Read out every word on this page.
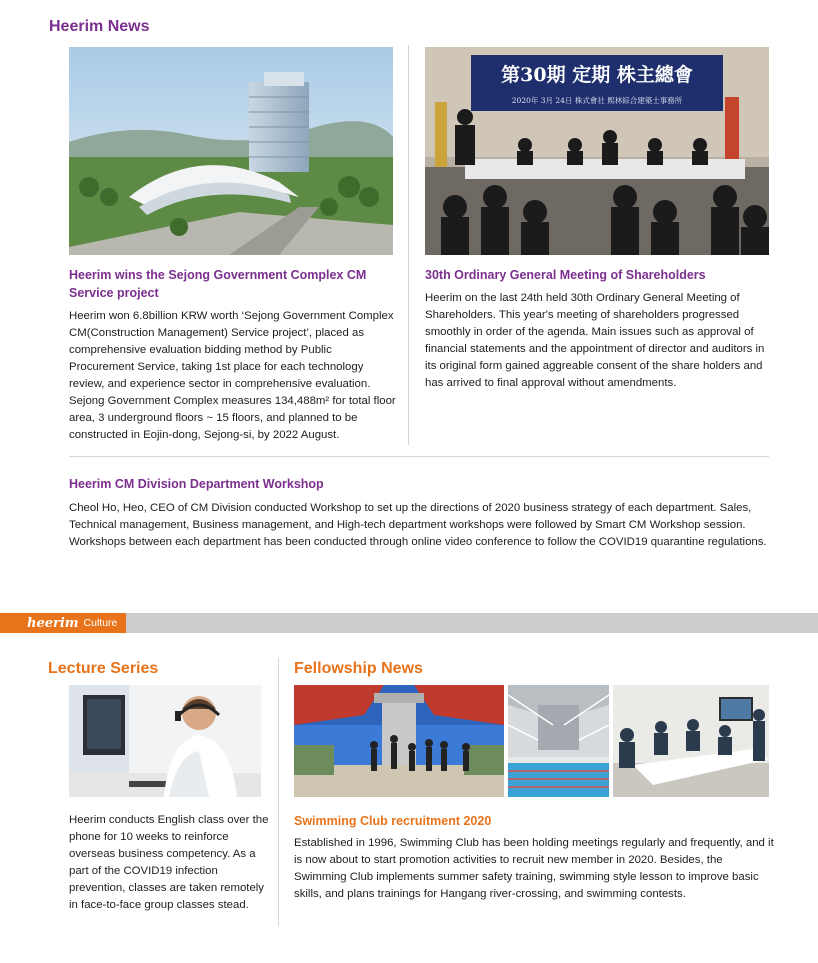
Heerim News
Heerim wins the Sejong Government Complex CM Service project
Heerim won 6.8billion KRW worth ‘Sejong Government Complex CM(Construction Management) Service project’, placed as comprehensive evaluation bidding method by Public Procurement Service, taking 1st place for each technology review, and experience sector in comprehensive evaluation. Sejong Government Complex measures 134,488m² for total floor area, 3 underground floors ~ 15 floors, and planned to be constructed in Eojin-dong, Sejong-si, by 2022 August.
第30期 定期 株主總會
2020年 3月 24日 株式會社 熙林綜合建築士事務所
30th Ordinary General Meeting of Shareholders
Heerim on the last 24th held 30th Ordinary General Meeting of Shareholders. This year's meeting of shareholders progressed smoothly in order of the agenda. Main issues such as approval of financial statements and the appointment of director and auditors in its original form gained aggreable consent of the share holders and has arrived to final approval without amendments.
Heerim CM Division Department Workshop
Cheol Ho, Heo, CEO of CM Division conducted Workshop to set up the directions of 2020 business strategy of each department. Sales, Technical management, Business management, and High-tech department workshops were followed by Smart CM Workshop session. Workshops between each department has been conducted through online video conference to follow the COVID19 quarantine regulations.
heerim Culture
Lecture Series
Heerim conducts English class over the phone for 10 weeks to reinforce overseas business competency. As a part of the COVID19 infection prevention, classes are taken remotely in face-to-face group classes stead.
Fellowship News
Swimming Club recruitment 2020
Established in 1996, Swimming Club has been holding meetings regularly and frequently, and it is now about to start promotion activities to recruit new member in 2020. Besides, the Swimming Club implements summer safety training, swimming style lesson to improve basic skills, and plans trainings for Hangang river-crossing, and swimming contests.
